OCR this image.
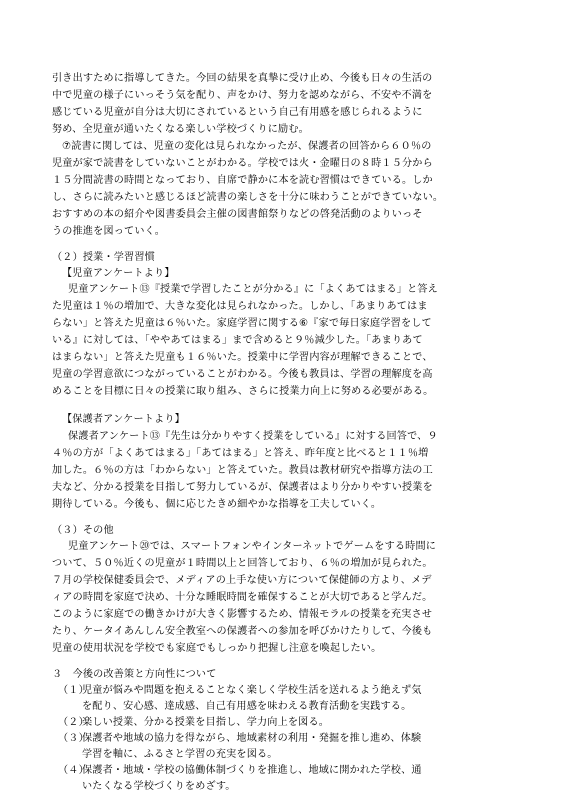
引き出すために指導してきた。今回の結果を真摯に受け止め、今後も日々の生活の
中で児童の様子にいっそう気を配り、声をかけ、努力を認めながら、不安や不満を
感じている児童が自分は大切にされているという自己有用感を感じられるように
努め、全児童が通いたくなる楽しい学校づくりに励む。
⑦読書に関しては、児童の変化は見られなかったが、保護者の回答から６０％の
児童が家で読書をしていないことがわかる。学校では火・金曜日の８時１５分から
１５分間読書の時間となっており、自席で静かに本を読む習慣はできている。しか
し、さらに読みたいと感じるほど読書の楽しさを十分に味わうことができていない。
おすすめの本の紹介や図書委員会主催の図書館祭りなどの啓発活動のよりいっそ
うの推進を図っていく。
（２）授業・学習習慣
【児童アンケートより】
児童アンケート⑬『授業で学習したことが分かる』に「よくあてはまる」と答え
た児童は１％の増加で、大きな変化は見られなかった。しかし、「あまりあてはま
らない」と答えた児童は６％いた。家庭学習に関する⑥『家で毎日家庭学習をして
いる』に対しては、「ややあてはまる」まで含めると９％減少した。「あまりあて
はまらない」と答えた児童も１６％いた。授業中に学習内容が理解できることで、
児童の学習意欲につながっていることがわかる。今後も教員は、学習の理解度を高
めることを目標に日々の授業に取り組み、さらに授業力向上に努める必要がある。
【保護者アンケートより】
保護者アンケート⑬『先生は分かりやすく授業をしている』に対する回答で、９
４％の方が「よくあてはまる」「あてはまる」と答え、昨年度と比べると１１％増
加した。６％の方は「わからない」と答えていた。教員は教材研究や指導方法の工
夫など、分かる授業を目指して努力しているが、保護者はより分かりやすい授業を
期待している。今後も、個に応じたきめ細やかな指導を工夫していく。
（３）その他
児童アンケート⑳では、スマートフォンやインターネットでゲームをする時間に
ついて、５０％近くの児童が１時間以上と回答しており、６％の増加が見られた。
７月の学校保健委員会で、メディアの上手な使い方について保健師の方より、メデ
ィアの時間を家庭で決め、十分な睡眠時間を確保することが大切であると学んだ。
このように家庭での働きかけが大きく影響するため、情報モラルの授業を充実させ
たり、ケータイあんしん安全教室への保護者への参加を呼びかけたりして、今後も
児童の使用状況を学校でも家庭でもしっかり把握し注意を喚起したい。
３　今後の改善策と方向性について
（１）
児童が悩みや問題を抱えることなく楽しく学校生活を送れるよう絶えず気
を配り、安心感、達成感、自己有用感を味わえる教育活動を実践する。
（２）
楽しい授業、分かる授業を目指し、学力向上を図る。
（３）
保護者や地域の協力を得ながら、地域素材の利用・発掘を推し進め、体験
学習を軸に、ふるさと学習の充実を図る。
（４）
保護者・地域・学校の協働体制づくりを推進し、地域に開かれた学校、通
いたくなる学校づくりをめざす。
